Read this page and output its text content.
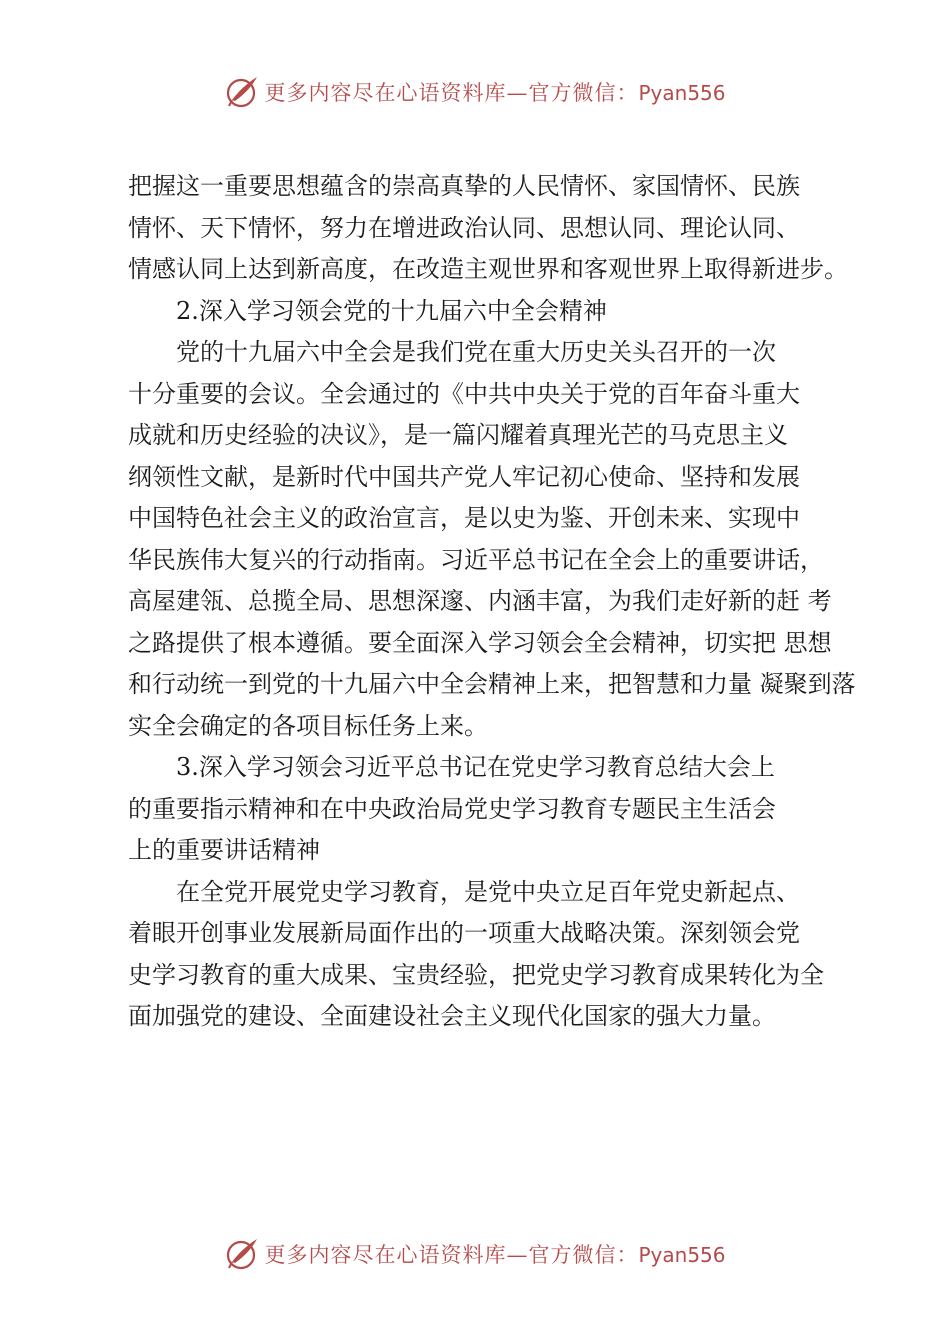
更多内容尽在心语资料库—官方微信：Pyan556
把握这一重要思想蕴含的崇高真挚的人民情怀、家国情怀、民族
情怀、天下情怀，努力在增进政治认同、思想认同、理论认同、
情感认同上达到新高度，在改造主观世界和客观世界上取得新进步。
2.深入学习领会党的十九届六中全会精神
党的十九届六中全会是我们党在重大历史关头召开的一次
十分重要的会议。全会通过的《中共中央关于党的百年奋斗重大
成就和历史经验的决议》，是一篇闪耀着真理光芒的马克思主义
纲领性文献，是新时代中国共产党人牢记初心使命、坚持和发展
中国特色社会主义的政治宣言，是以史为鉴、开创未来、实现中
华民族伟大复兴的行动指南。习近平总书记在全会上的重要讲话，
高屋建瓴、总揽全局、思想深邃、内涵丰富，为我们走好新的赶 考
之路提供了根本遵循。要全面深入学习领会全会精神，切实把 思想
和行动统一到党的十九届六中全会精神上来，把智慧和力量 凝聚到落
实全会确定的各项目标任务上来。
3.深入学习领会习近平总书记在党史学习教育总结大会上
的重要指示精神和在中央政治局党史学习教育专题民主生活会
上的重要讲话精神
在全党开展党史学习教育，是党中央立足百年党史新起点、
着眼开创事业发展新局面作出的一项重大战略决策。深刻领会党
史学习教育的重大成果、宝贵经验，把党史学习教育成果转化为全
面加强党的建设、全面建设社会主义现代化国家的强大力量。
更多内容尽在心语资料库—官方微信：Pyan556
